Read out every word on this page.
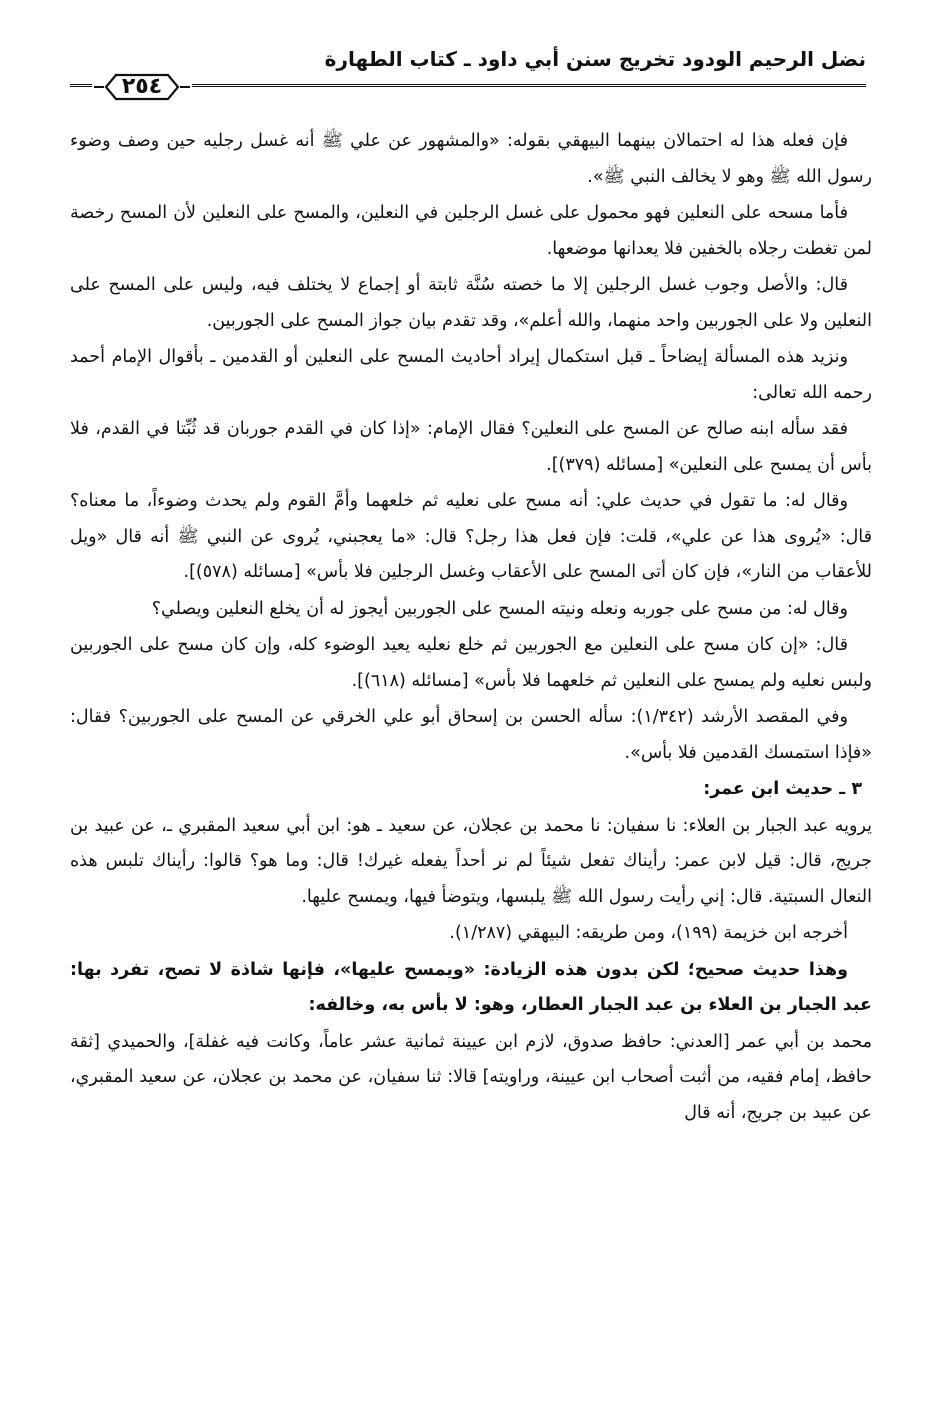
نضل الرحيم الودود تخريج سنن أبي داود ـ كتاب الطهارة
٢٥٤

فإن فعله هذا له احتمالان بينهما البيهقي بقوله: «والمشهور عن علي ﷺ أنه غسل رجليه حين وصف وضوء رسول الله ﷺ وهو لا يخالف النبي ﷺ».

فأما مسحه على النعلين فهو محمول على غسل الرجلين في النعلين، والمسح على النعلين لأن المسح رخصة لمن تغطت رجلاه بالخفين فلا يعدانها موضعها.

قال: والأصل وجوب غسل الرجلين إلا ما خصته سُنَّة ثابتة أو إجماع لا يختلف فيه، وليس على المسح على النعلين ولا على الجوربين واحد منهما، والله أعلم»، وقد تقدم بيان جواز المسح على الجوربين.

ونزيد هذه المسألة إيضاحاً ـ قبل استكمال إيراد أحاديث المسح على النعلين أو القدمين ـ بأقوال الإمام أحمد رحمه الله تعالى:

فقد سأله ابنه صالح عن المسح على النعلين؟ فقال الإمام: «إذا كان في القدم جوربان قد ثُبِّتا في القدم، فلا بأس أن يمسح على النعلين» [مسائله (٣٧٩)].

وقال له: ما تقول في حديث علي: أنه مسح على نعليه ثم خلعهما وأمَّ القوم ولم يحدث وضوءاً، ما معناه؟ قال: «يُروى هذا عن علي»، قلت: فإن فعل هذا رجل؟ قال: «ما يعجبني، يُروى عن النبي ﷺ أنه قال «ويل للأعقاب من النار»، فإن كان أتى المسح على الأعقاب وغسل الرجلين فلا بأس» [مسائله (٥٧٨)].

وقال له: من مسح على جوربه ونعله ونيته المسح على الجوربين أيجوز له أن يخلع النعلين ويصلي؟

قال: «إن كان مسح على النعلين مع الجوربين ثم خلع نعليه يعيد الوضوء كله، وإن كان مسح على الجوربين ولبس نعليه ولم يمسح على النعلين ثم خلعهما فلا بأس» [مسائله (٦١٨)].

وفي المقصد الأرشد (١/٣٤٢): سأله الحسن بن إسحاق أبو علي الخرقي عن المسح على الجوربين؟ فقال: «فإذا استمسك القدمين فلا بأس».

٣ ـ حديث ابن عمر:

يرويه عبد الجبار بن العلاء: نا سفيان: نا محمد بن عجلان، عن سعيد ـ هو: ابن أبي سعيد المقبري ـ، عن عبيد بن جريج، قال: قيل لابن عمر: رأيناك تفعل شيئاً لم نر أحداً يفعله غيرك! قال: وما هو؟ قالوا: رأيناك تلبس هذه النعال السبتية. قال: إني رأيت رسول الله ﷺ يلبسها، ويتوضأ فيها، ويمسح عليها.

أخرجه ابن خزيمة (١٩٩)، ومن طريقه: البيهقي (١/٢٨٧).

وهذا حديث صحيح؛ لكن بدون هذه الزيادة: «ويمسح عليها»، فإنها شاذة لا تصح، تفرد بها: عبد الجبار بن العلاء بن عبد الجبار العطار، وهو: لا بأس به، وخالفه:

محمد بن أبي عمر [العدني: حافظ صدوق، لازم ابن عيينة ثمانية عشر عاماً، وكانت فيه غفلة]، والحميدي [ثقة حافظ، إمام فقيه، من أثبت أصحاب ابن عيينة، وراويته] قالا: ثنا سفيان، عن محمد بن عجلان، عن سعيد المقبري، عن عبيد بن جريج، أنه قال
